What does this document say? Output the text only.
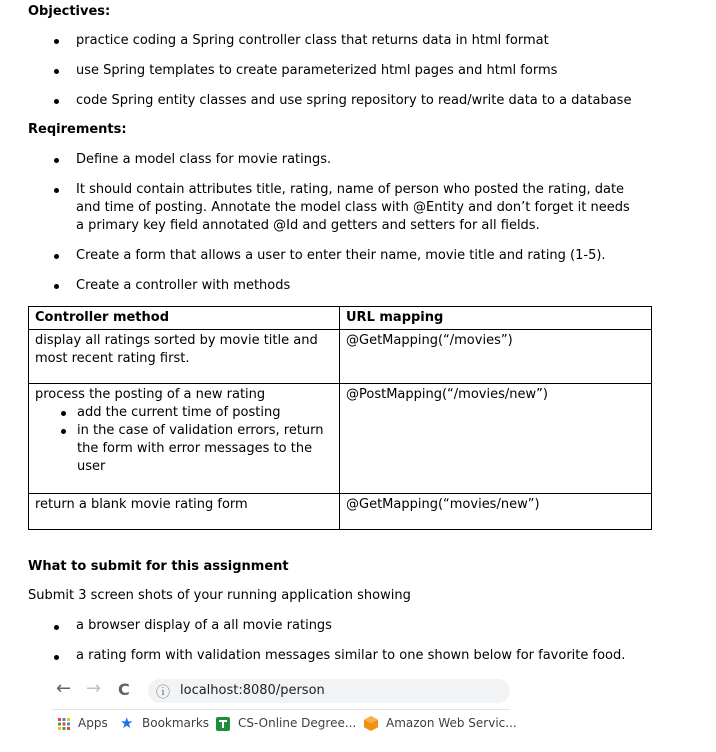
Objectives:
practice coding a Spring controller class that returns data in html format
use Spring templates to create parameterized html pages and html forms
code Spring entity classes and use spring repository to read/write data to a database
Reqirements:
Define a model class for movie ratings.
It should contain attributes title, rating, name of person who posted the rating, date
and time of posting. Annotate the model class with @Entity and don’t forget it needs
a primary key field annotated @Id and getters and setters for all fields.
Create a form that allows a user to enter their name, movie title and rating (1-5).
Create a controller with methods
Controller method	URL mapping

display all ratings sorted by movie title and
most recent rating first.	@GetMapping(“/movies”)

process the posting of a new rating
add the current time of posting
in the case of validation errors, return
the form with error messages to the
user	@PostMapping(“/movies/new”)
return a blank movie rating form	@GetMapping(“movies/new”)
What to submit for this assignment
Submit 3 screen shots of your running application showing
a browser display of a all movie ratings
a rating form with validation messages similar to one shown below for favorite food.
← → C ⓘ localhost:8080/person
Apps ★ Bookmarks CS-Online Degree... Amazon Web Servic...
